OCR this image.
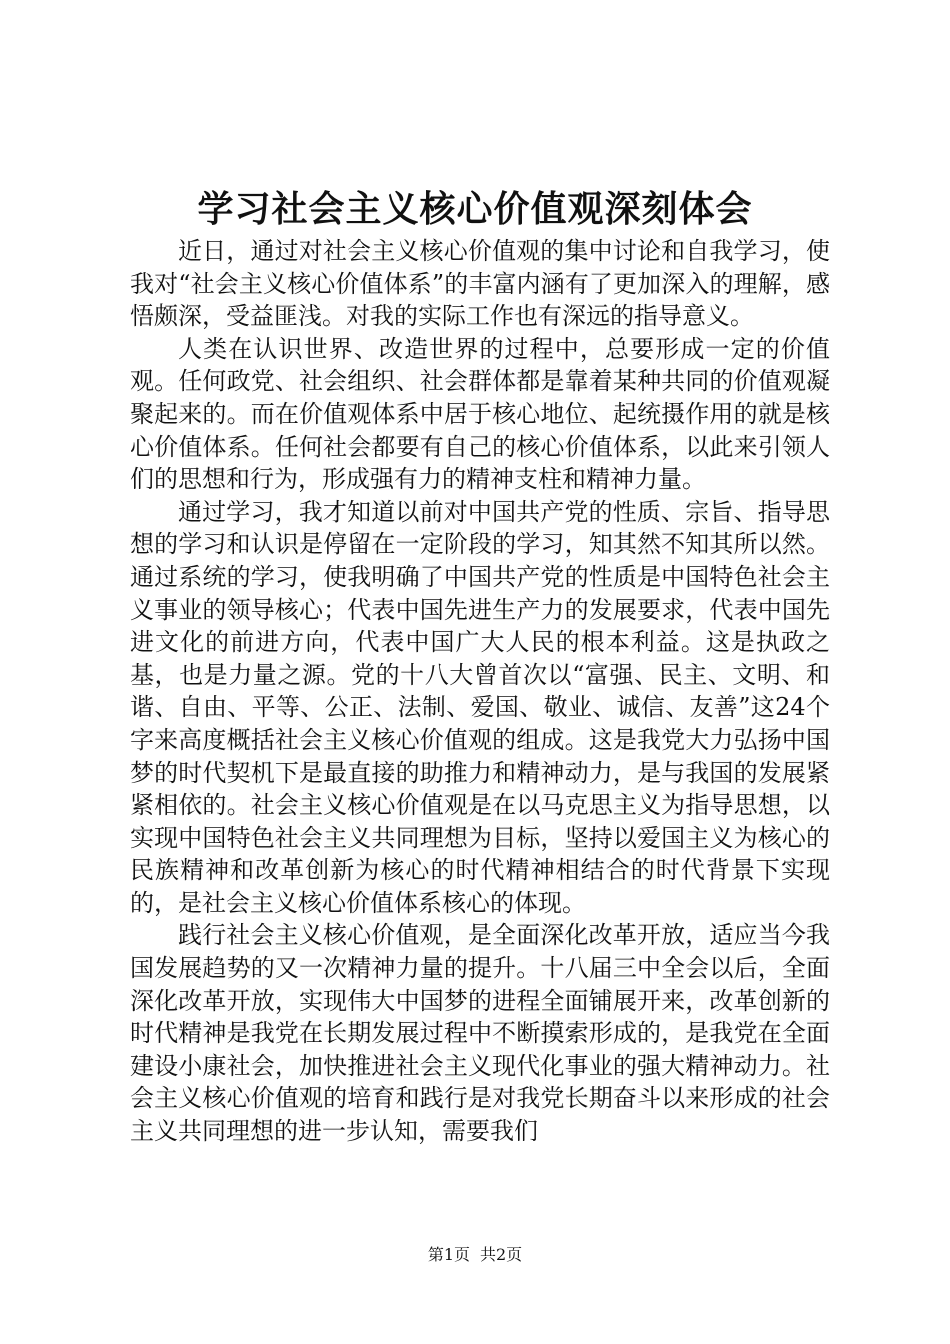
学习社会主义核心价值观深刻体会

近日，通过对社会主义核心价值观的集中讨论和自我学习，使我对“社会主义核心价值体系”的丰富内涵有了更加深入的理解，感悟颇深，受益匪浅。对我的实际工作也有深远的指导意义。

人类在认识世界、改造世界的过程中，总要形成一定的价值观。任何政党、社会组织、社会群体都是靠着某种共同的价值观凝聚起来的。而在价值观体系中居于核心地位、起统摄作用的就是核心价值体系。任何社会都要有自己的核心价值体系，以此来引领人们的思想和行为，形成强有力的精神支柱和精神力量。

通过学习，我才知道以前对中国共产党的性质、宗旨、指导思想的学习和认识是停留在一定阶段的学习，知其然不知其所以然。通过系统的学习，使我明确了中国共产党的性质是中国特色社会主义事业的领导核心；代表中国先进生产力的发展要求，代表中国先进文化的前进方向，代表中国广大人民的根本利益。这是执政之基，也是力量之源。党的十八大曾首次以“富强、民主、文明、和谐、自由、平等、公正、法制、爱国、敬业、诚信、友善”这24个字来高度概括社会主义核心价值观的组成。这是我党大力弘扬中国梦的时代契机下是最直接的助推力和精神动力，是与我国的发展紧紧相依的。社会主义核心价值观是在以马克思主义为指导思想，以实现中国特色社会主义共同理想为目标，坚持以爱国主义为核心的民族精神和改革创新为核心的时代精神相结合的时代背景下实现的，是社会主义核心价值体系核心的体现。

践行社会主义核心价值观，是全面深化改革开放，适应当今我国发展趋势的又一次精神力量的提升。十八届三中全会以后，全面深化改革开放，实现伟大中国梦的进程全面铺展开来，改革创新的时代精神是我党在长期发展过程中不断摸索形成的，是我党在全面建设小康社会，加快推进社会主义现代化事业的强大精神动力。社会主义核心价值观的培育和践行是对我党长期奋斗以来形成的社会主义共同理想的进一步认知，需要我们

第1页 共2页
